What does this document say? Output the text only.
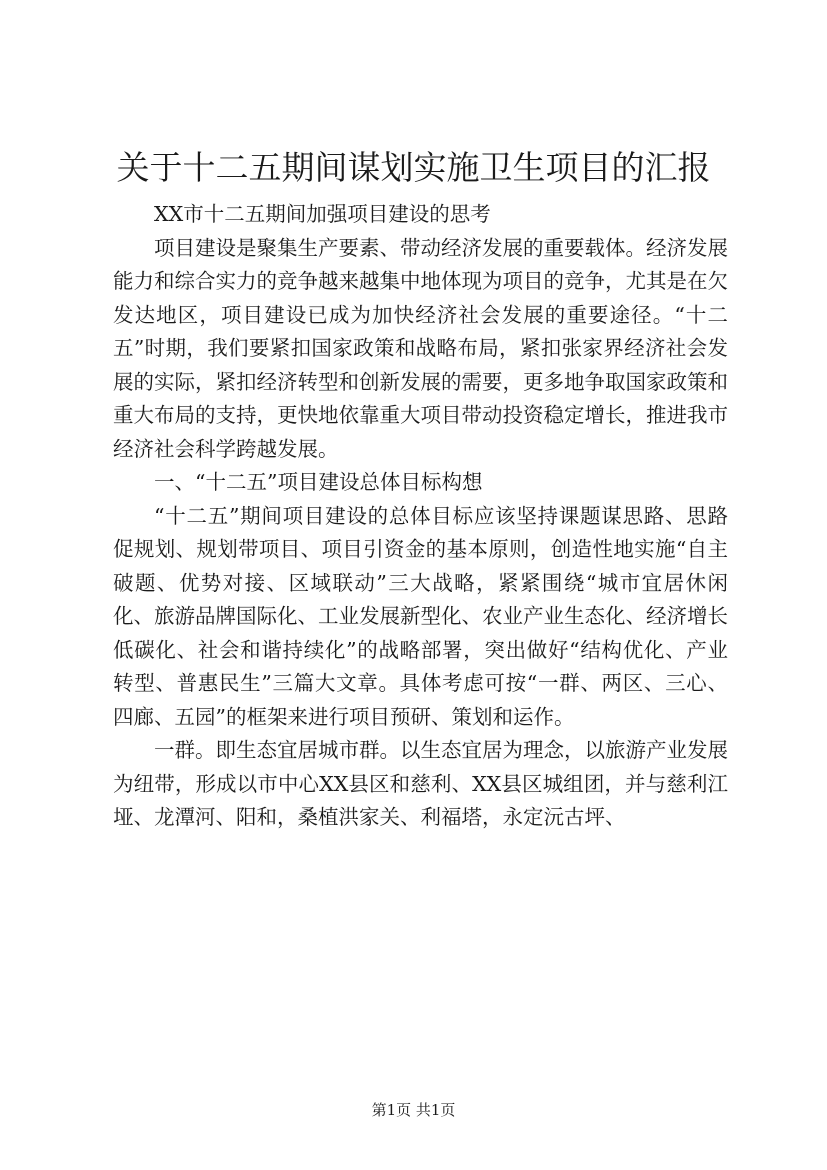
关于十二五期间谋划实施卫生项目的汇报

XX市十二五期间加强项目建设的思考

项目建设是聚集生产要素、带动经济发展的重要载体。经济发展能力和综合实力的竞争越来越集中地体现为项目的竞争，尤其是在欠发达地区，项目建设已成为加快经济社会发展的重要途径。“十二五”时期，我们要紧扣国家政策和战略布局，紧扣张家界经济社会发展的实际，紧扣经济转型和创新发展的需要，更多地争取国家政策和重大布局的支持，更快地依靠重大项目带动投资稳定增长，推进我市经济社会科学跨越发展。

一、“十二五”项目建设总体目标构想

“十二五”期间项目建设的总体目标应该坚持课题谋思路、思路促规划、规划带项目、项目引资金的基本原则，创造性地实施“自主破题、优势对接、区域联动”三大战略，紧紧围绕“城市宜居休闲化、旅游品牌国际化、工业发展新型化、农业产业生态化、经济增长低碳化、社会和谐持续化”的战略部署，突出做好“结构优化、产业转型、普惠民生”三篇大文章。具体考虑可按“一群、两区、三心、四廊、五园”的框架来进行项目预研、策划和运作。

一群。即生态宜居城市群。以生态宜居为理念，以旅游产业发展为纽带，形成以市中心XX县区和慈利、XX县区城组团，并与慈利江垭、龙潭河、阳和，桑植洪家关、利福塔，永定沅古坪、

第1页 共1页
